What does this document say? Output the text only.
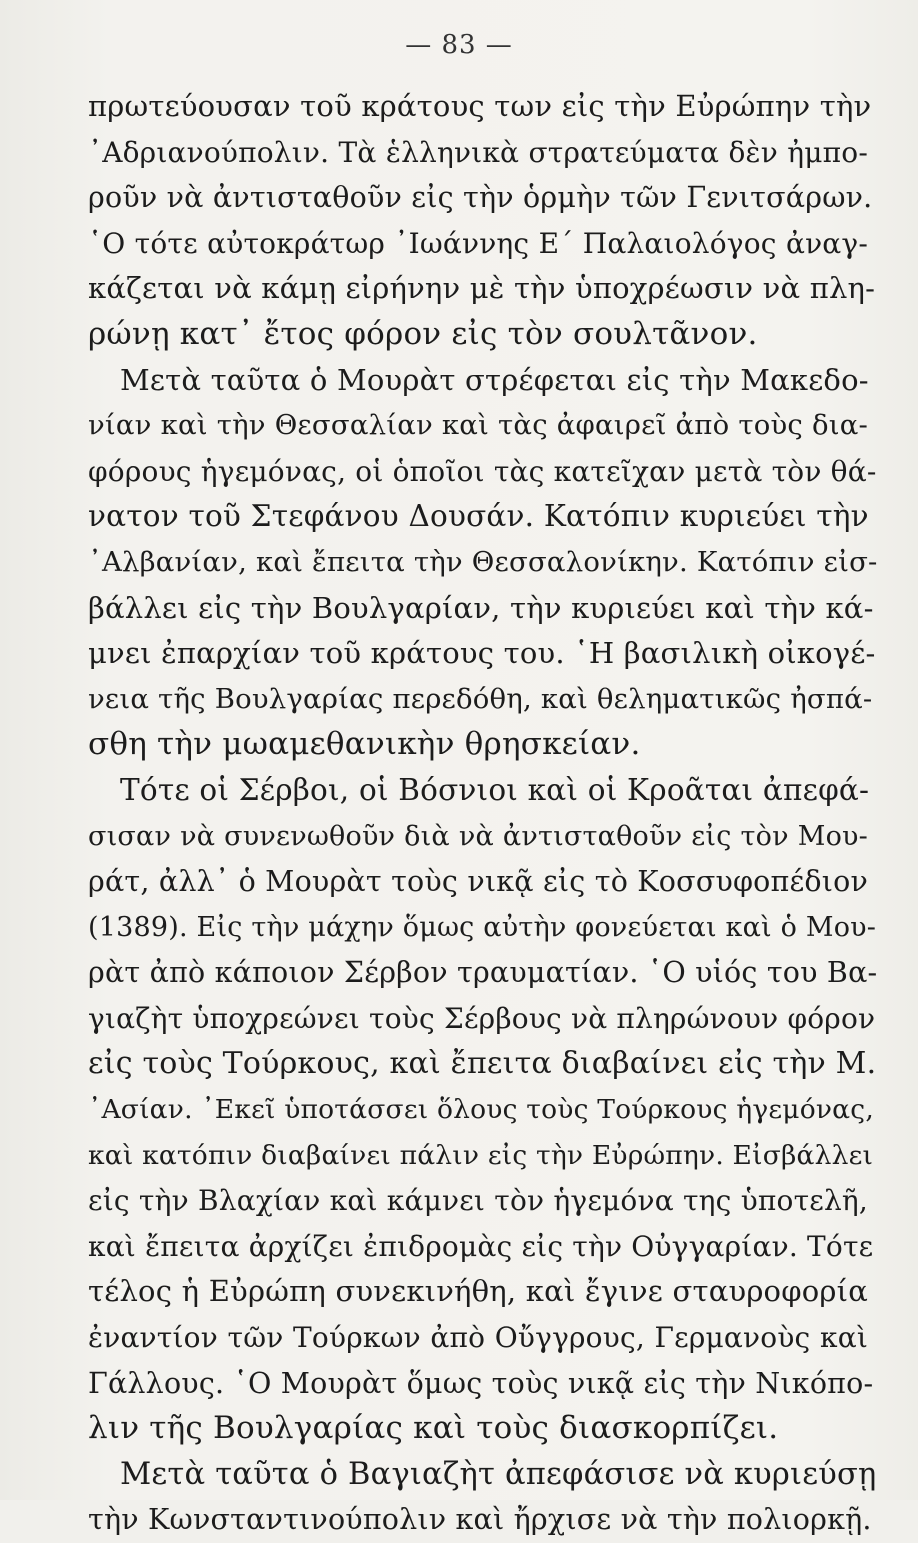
— 83 —
πρωτεύουσαν τοῦ κράτους των εἰς τὴν Εὐρώπην τὴν
᾿Αδριανούπολιν. Τὰ ἑλληνικὰ στρατεύματα δὲν ἠμπο-
ροῦν νὰ ἀντισταθοῦν εἰς τὴν ὁρμὴν τῶν Γενιτσάρων.
῾Ο τότε αὐτοκράτωρ ᾿Ιωάννης Ε΄ Παλαιολόγος ἀναγ-
κάζεται νὰ κάμῃ εἰρήνην μὲ τὴν ὑποχρέωσιν νὰ πλη-
ρώνῃ κατ᾿ ἔτος φόρον εἰς τὸν σουλτᾶνον.
Μετὰ ταῦτα ὁ Μουρὰτ στρέφεται εἰς τὴν Μακεδο-
νίαν καὶ τὴν Θεσσαλίαν καὶ τὰς ἀφαιρεῖ ἀπὸ τοὺς δια-
φόρους ἡγεμόνας, οἱ ὁποῖοι τὰς κατεῖχαν μετὰ τὸν θά-
νατον τοῦ Στεφάνου Δουσάν. Κατόπιν κυριεύει τὴν
᾿Αλβανίαν, καὶ ἔπειτα τὴν Θεσσαλονίκην. Κατόπιν εἰσ-
βάλλει εἰς τὴν Βουλγαρίαν, τὴν κυριεύει καὶ τὴν κά-
μνει ἐπαρχίαν τοῦ κράτους του. ῾Η βασιλικὴ οἰκογέ-
νεια τῆς Βουλγαρίας περεδόθη, καὶ θεληματικῶς ἠσπά-
σθη τὴν μωαμεθανικὴν θρησκείαν.
Τότε οἱ Σέρβοι, οἱ Βόσνιοι καὶ οἱ Κροᾶται ἀπεφά-
σισαν νὰ συνενωθοῦν διὰ νὰ ἀντισταθοῦν εἰς τὸν Μου-
ράτ, ἀλλ᾿ ὁ Μουρὰτ τοὺς νικᾷ εἰς τὸ Κοσσυφοπέδιον
(1389). Εἰς τὴν μάχην ὅμως αὐτὴν φονεύεται καὶ ὁ Μου-
ρὰτ ἀπὸ κάποιον Σέρβον τραυματίαν. ῾Ο υἱός του Βα-
γιαζὴτ ὑποχρεώνει τοὺς Σέρβους νὰ πληρώνουν φόρον
εἰς τοὺς Τούρκους, καὶ ἔπειτα διαβαίνει εἰς τὴν Μ.
᾿Ασίαν. ᾿Εκεῖ ὑποτάσσει ὅλους τοὺς Τούρκους ἡγεμόνας,
καὶ κατόπιν διαβαίνει πάλιν εἰς τὴν Εὐρώπην. Εἰσβάλλει
εἰς τὴν Βλαχίαν καὶ κάμνει τὸν ἡγεμόνα της ὑποτελῆ,
καὶ ἔπειτα ἀρχίζει ἐπιδρομὰς εἰς τὴν Οὐγγαρίαν. Τότε
τέλος ἡ Εὐρώπη συνεκινήθη, καὶ ἔγινε σταυροφορία
ἐναντίον τῶν Τούρκων ἀπὸ Οὔγγρους, Γερμανοὺς καὶ
Γάλλους. ῾Ο Μουρὰτ ὅμως τοὺς νικᾷ εἰς τὴν Νικόπο-
λιν τῆς Βουλγαρίας καὶ τοὺς διασκορπίζει.
Μετὰ ταῦτα ὁ Βαγιαζὴτ ἀπεφάσισε νὰ κυριεύσῃ
τὴν Κωνσταντινούπολιν καὶ ἤρχισε νὰ τὴν πολιορκῇ.
